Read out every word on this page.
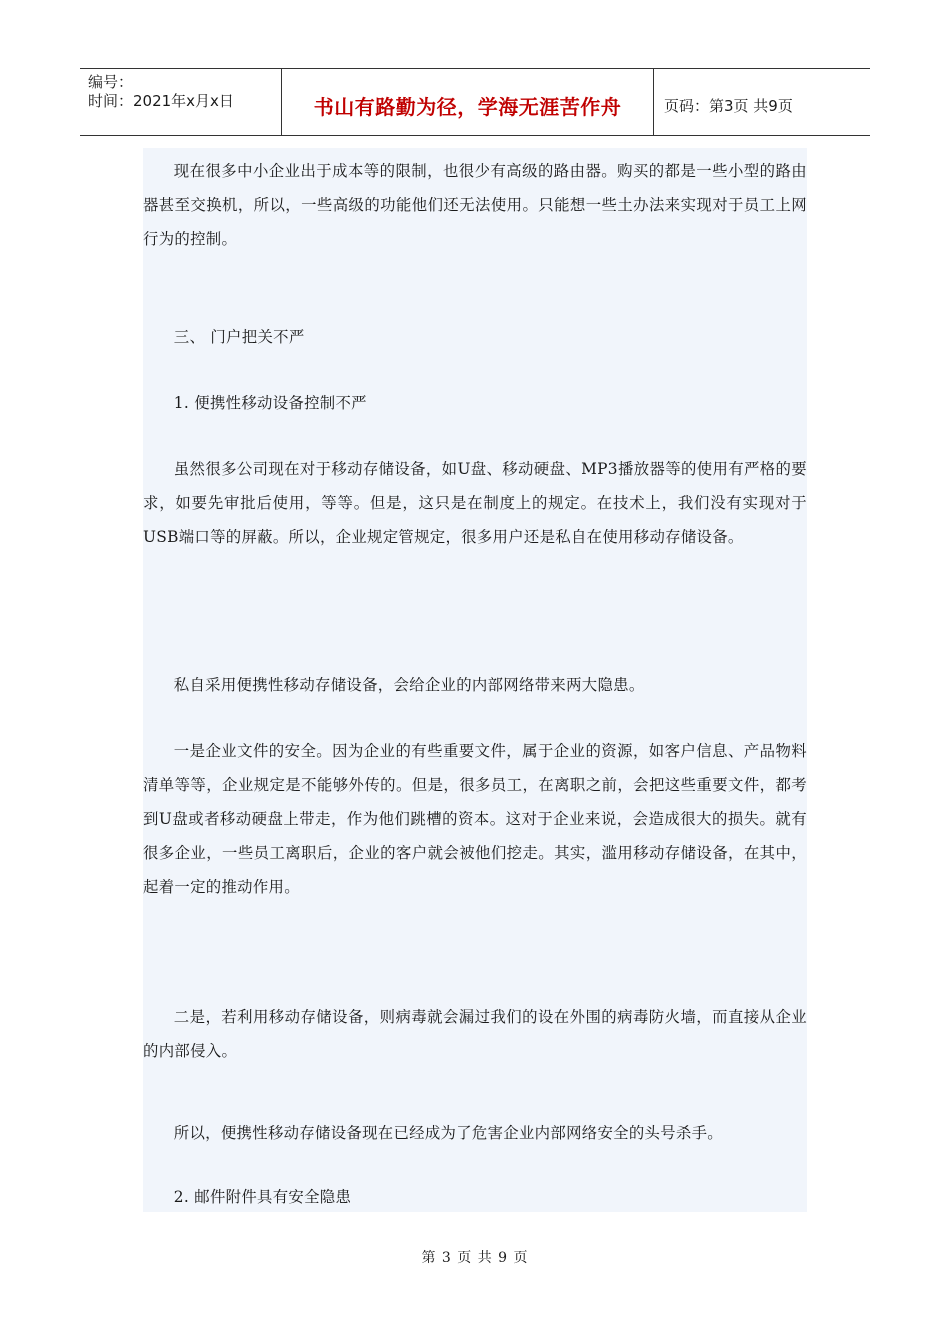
编号：
时间：2021年x月x日	书山有路勤为径，学海无涯苦作舟	页码：第3页 共9页

现在很多中小企业出于成本等的限制，也很少有高级的路由器。购买的都是一些小型的路由器甚至交换机，所以，一些高级的功能他们还无法使用。只能想一些土办法来实现对于员工上网行为的控制。

三、 门户把关不严

1. 便携性移动设备控制不严

虽然很多公司现在对于移动存储设备，如U盘、移动硬盘、MP3播放器等的使用有严格的要求，如要先审批后使用，等等。但是，这只是在制度上的规定。在技术上，我们没有实现对于USB端口等的屏蔽。所以，企业规定管规定，很多用户还是私自在使用移动存储设备。

私自采用便携性移动存储设备，会给企业的内部网络带来两大隐患。

一是企业文件的安全。因为企业的有些重要文件，属于企业的资源，如客户信息、产品物料清单等等，企业规定是不能够外传的。但是，很多员工，在离职之前，会把这些重要文件，都考到U盘或者移动硬盘上带走，作为他们跳槽的资本。这对于企业来说，会造成很大的损失。就有很多企业，一些员工离职后，企业的客户就会被他们挖走。其实，滥用移动存储设备，在其中，起着一定的推动作用。

二是，若利用移动存储设备，则病毒就会漏过我们的设在外围的病毒防火墙，而直接从企业的内部侵入。

所以，便携性移动存储设备现在已经成为了危害企业内部网络安全的头号杀手。

2. 邮件附件具有安全隐患

第 3 页 共 9 页
